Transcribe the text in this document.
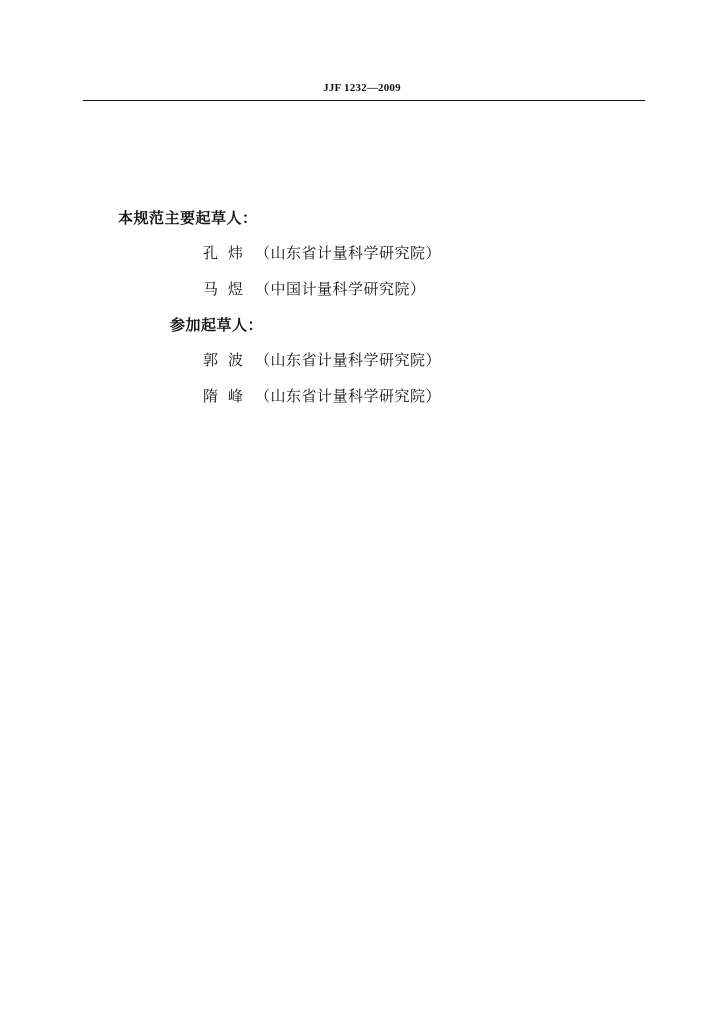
JJF 1232—2009
本规范主要起草人：
孔炜 （山东省计量科学研究院）
马煜 （中国计量科学研究院）
参加起草人：
郭波 （山东省计量科学研究院）
隋峰 （山东省计量科学研究院）
